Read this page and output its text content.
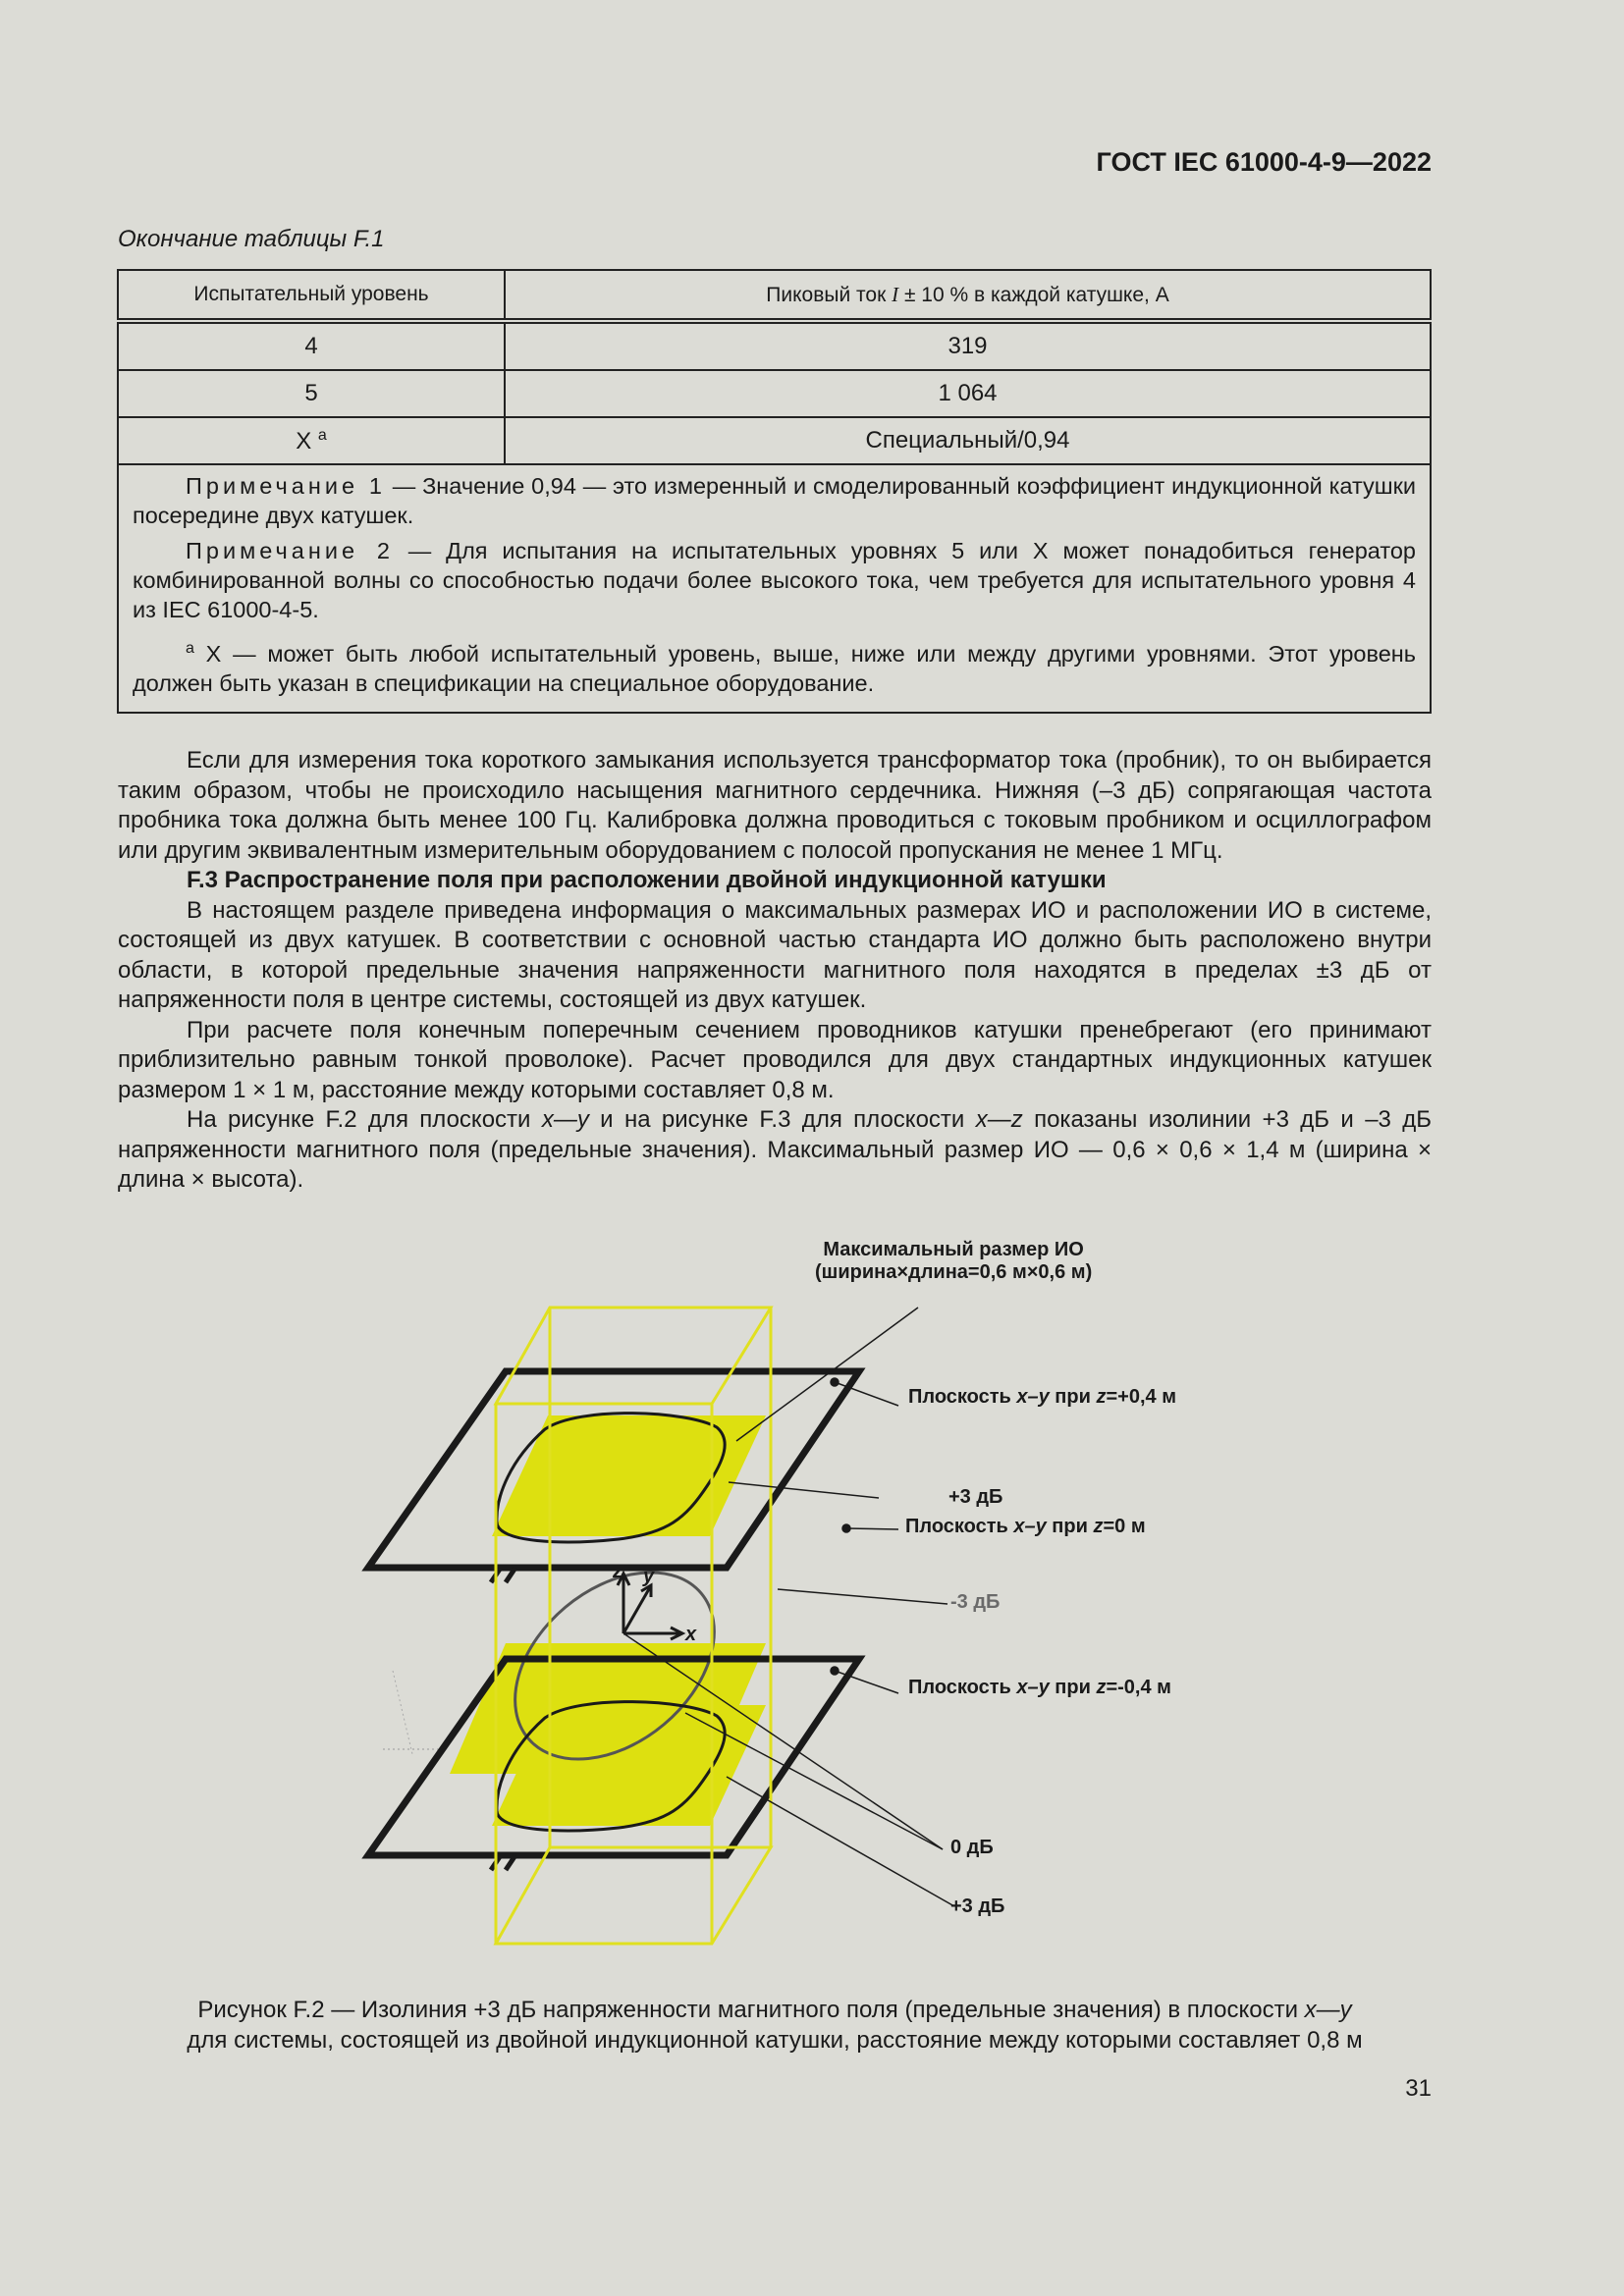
ГОСТ IEC 61000-4-9—2022
Окончание таблицы F.1
Испытательный уровень	Пиковый ток I ± 10 % в каждой катушке, А
4	319
5	1 064
X $^a$	Специальный/0,94

Примечание 1 — Значение 0,94 — это измеренный и смоделированный коэффициент индукционной катушки посередине двух катушек.

Примечание 2 — Для испытания на испытательных уровнях 5 или X может понадобиться генератор комбинированной волны со способностью подачи более высокого тока, чем требуется для испытательного уровня 4 из IEC 61000-4-5.

$^a$ X — может быть любой испытательный уровень, выше, ниже или между другими уровнями. Этот уровень должен быть указан в спецификации на специальное оборудование.	

Если для измерения тока короткого замыкания используется трансформатор тока (пробник), то он выбирается таким образом, чтобы не происходило насыщения магнитного сердечника. Нижняя (–3 дБ) сопрягающая частота пробника тока должна быть менее 100 Гц. Калибровка должна проводиться с токовым пробником и осциллографом или другим эквивалентным измерительным оборудованием с полосой пропускания не менее 1 МГц.

F.3 Распространение поля при расположении двойной индукционной катушки

В настоящем разделе приведена информация о максимальных размерах ИО и расположении ИО в системе, состоящей из двух катушек. В соответствии с основной частью стандарта ИО должно быть расположено внутри области, в которой предельные значения напряженности магнитного поля находятся в пределах ±3 дБ от напряженности поля в центре системы, состоящей из двух катушек.

При расчете поля конечным поперечным сечением проводников катушки пренебрегают (его принимают приблизительно равным тонкой проволоке). Расчет проводился для двух стандартных индукционных катушек размером 1 × 1 м, расстояние между которыми составляет 0,8 м.

На рисунке F.2 для плоскости x—y и на рисунке F.3 для плоскости x—z показаны изолинии +3 дБ и –3 дБ напряженности магнитного поля (предельные значения). Максимальный размер ИО — 0,6 × 0,6 × 1,4 м (ширина × длина × высота).

z y
x
Максимальный размер ИО
(ширина×длина=0,6 м×0,6 м)
Плоскость x–y при z=+0,4 м
+3 дБ
Плоскость x–y при z=0 м
-3 дБ
Плоскость x–y при z=-0,4 м
0 дБ
+3 дБ
Рисунок F.2 — Изолиния +3 дБ напряженности магнитного поля (предельные значения) в плоскости x—y
для системы, состоящей из двойной индукционной катушки, расстояние между которыми составляет 0,8 м
31
